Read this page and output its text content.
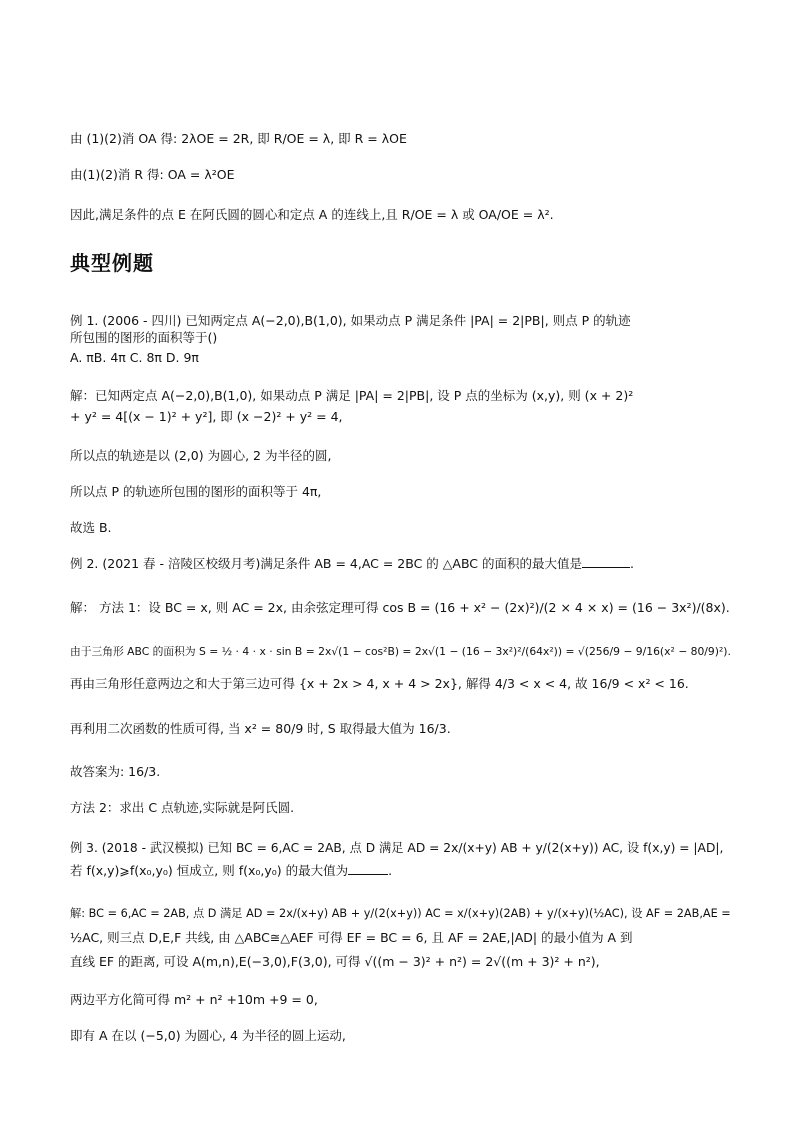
由 (1)(2)消 OA 得: 2λOE = 2R, 即 R/OE = λ, 即 R = λOE
由(1)(2)消 R 得: OA = λ²OE
因此,满足条件的点 E 在阿氏圆的圆心和定点 A 的连线上,且 R/OE = λ 或 OA/OE = λ².
典型例题
例 1. (2006 - 四川) 已知两定点 A(−2,0),B(1,0), 如果动点 P 满足条件 |PA| = 2|PB|, 则点 P 的轨迹
所包围的图形的面积等于()
A. πB. 4π C. 8π D. 9π
解：已知两定点 A(−2,0),B(1,0), 如果动点 P 满足 |PA| = 2|PB|, 设 P 点的坐标为 (x,y), 则 (x + 2)²
+ y² = 4[(x − 1)² + y²], 即 (x −2)² + y² = 4,
所以点的轨迹是以 (2,0) 为圆心, 2 为半径的圆,
所以点 P 的轨迹所包围的图形的面积等于 4π,
故选 B.
例 2. (2021 春 - 涪陵区校级月考)满足条件 AB = 4,AC = 2BC 的 △ABC 的面积的最大值是	.
解： 方法 1：设 BC = x, 则 AC = 2x, 由余弦定理可得 cos B = (16 + x² − (2x)²)/(2 × 4 × x) = (16 − 3x²)/(8x).
由于三角形 ABC 的面积为 S = ½ · 4 · x · sin B = 2x√(1 − cos²B) = 2x√(1 − (16 − 3x²)²/(64x²)) = √(256/9 − 9/16(x² − 80/9)²).
再由三角形任意两边之和大于第三边可得 {x + 2x > 4, x + 4 > 2x}, 解得 4/3 < x < 4, 故 16/9 < x² < 16.
再利用二次函数的性质可得, 当 x² = 80/9 时, S 取得最大值为 16/3.
故答案为: 16/3.
方法 2：求出 C 点轨迹,实际就是阿氏圆.
例 3. (2018 - 武汉模拟) 已知 BC = 6,AC = 2AB, 点 D 满足 AD = 2x/(x+y) AB + y/(2(x+y)) AC, 设 f(x,y) = |AD|,
若 f(x,y)⩾f(x₀,y₀) 恒成立, 则 f(x₀,y₀) 的最大值为	.
解: BC = 6,AC = 2AB, 点 D 满足 AD = 2x/(x+y) AB + y/(2(x+y)) AC = x/(x+y)(2AB) + y/(x+y)(½AC), 设 AF = 2AB,AE =
½AC, 则三点 D,E,F 共线, 由 △ABC≅△AEF 可得 EF = BC = 6, 且 AF = 2AE,|AD| 的最小值为 A 到
直线 EF 的距离, 可设 A(m,n),E(−3,0),F(3,0), 可得 √((m − 3)² + n²) = 2√((m + 3)² + n²),
两边平方化简可得 m² + n² +10m +9 = 0,
即有 A 在以 (−5,0) 为圆心, 4 为半径的圆上运动,
